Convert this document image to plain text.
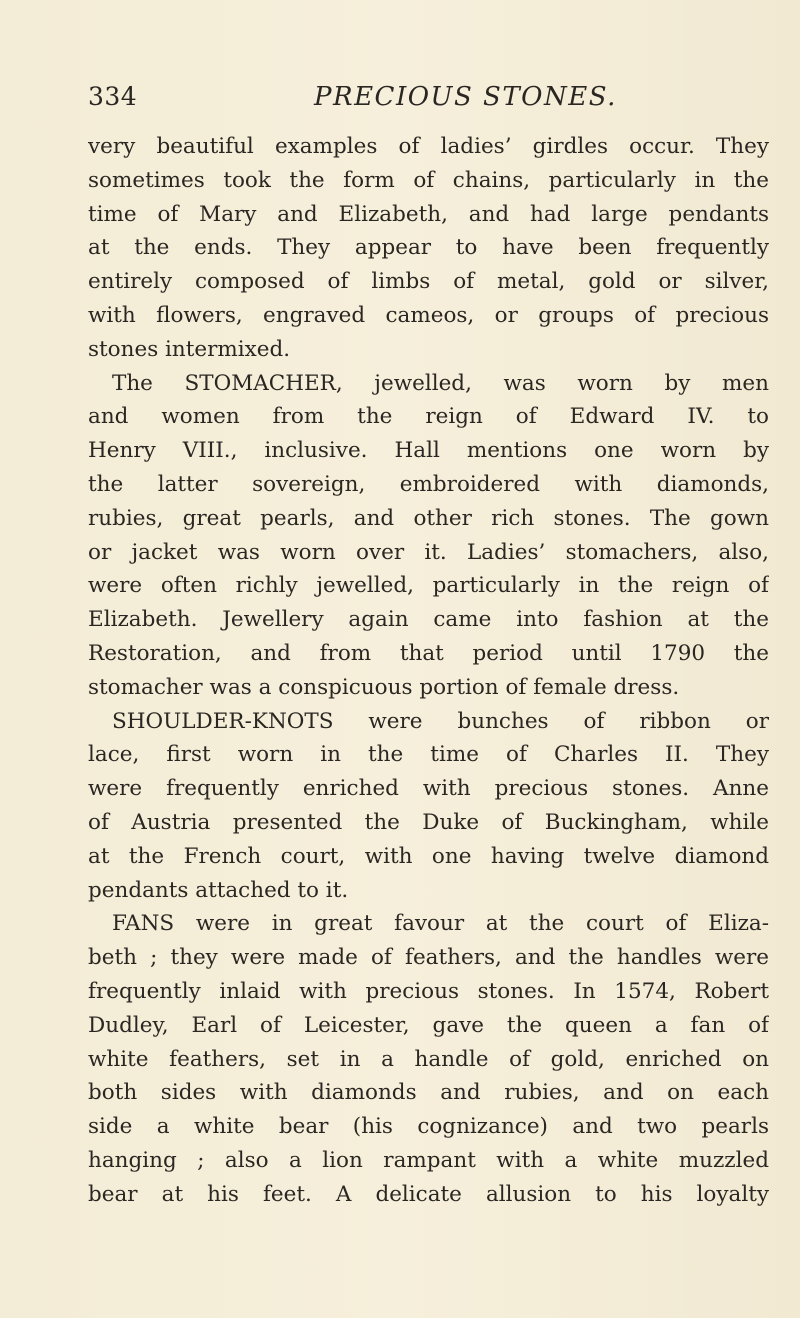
334	PRECIOUS STONES.
very beautiful examples of ladies’ girdles occur. They
sometimes took the form of chains, particularly in the
time of Mary and Elizabeth, and had large pendants
at the ends. They appear to have been frequently
entirely composed of limbs of metal, gold or silver,
with flowers, engraved cameos, or groups of precious
stones intermixed.
The STOMACHER, jewelled, was worn by men
and women from the reign of Edward IV. to
Henry VIII., inclusive. Hall mentions one worn by
the latter sovereign, embroidered with diamonds,
rubies, great pearls, and other rich stones. The gown
or jacket was worn over it. Ladies’ stomachers, also,
were often richly jewelled, particularly in the reign of
Elizabeth. Jewellery again came into fashion at the
Restoration, and from that period until 1790 the
stomacher was a conspicuous portion of female dress.
SHOULDER-KNOTS were bunches of ribbon or
lace, first worn in the time of Charles II. They
were frequently enriched with precious stones. Anne
of Austria presented the Duke of Buckingham, while
at the French court, with one having twelve diamond
pendants attached to it.
FANS were in great favour at the court of Eliza-
beth ; they were made of feathers, and the handles were
frequently inlaid with precious stones. In 1574, Robert
Dudley, Earl of Leicester, gave the queen a fan of
white feathers, set in a handle of gold, enriched on
both sides with diamonds and rubies, and on each
side a white bear (his cognizance) and two pearls
hanging ; also a lion rampant with a white muzzled
bear at his feet. A delicate allusion to his loyalty
